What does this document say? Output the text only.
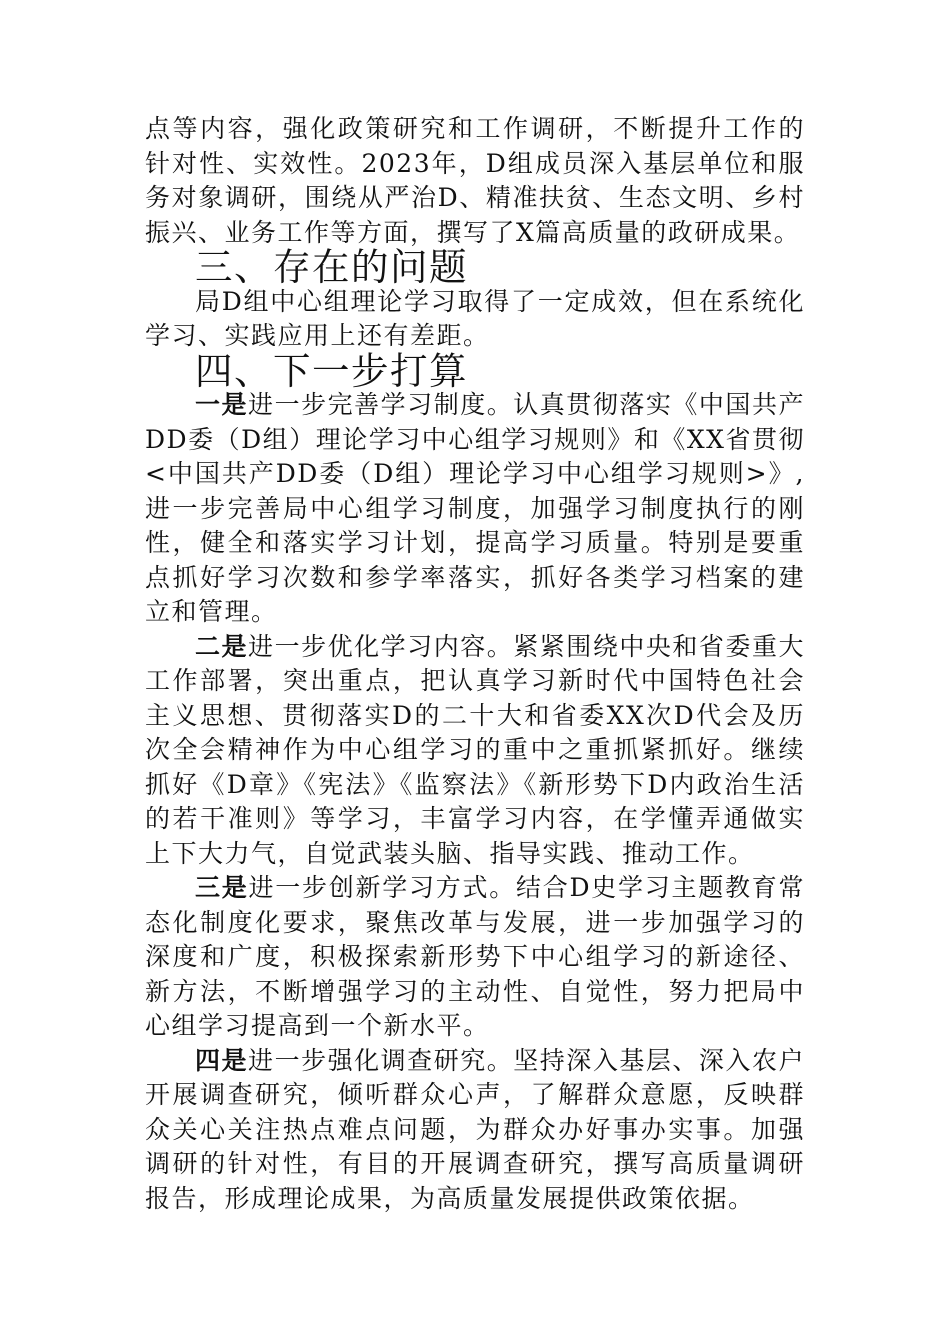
点等内容，强化政策研究和工作调研，不断提升工作的针对性、实效性。2023年，D组成员深入基层单位和服务对象调研，围绕从严治D、精准扶贫、生态文明、乡村振兴、业务工作等方面，撰写了X篇高质量的政研成果。

三、存在的问题

局D组中心组理论学习取得了一定成效，但在系统化学习、实践应用上还有差距。

四、下一步打算

一是进一步完善学习制度。认真贯彻落实《中国共产DD委（D组）理论学习中心组学习规则》和《XX省贯彻<中国共产DD委（D组）理论学习中心组学习规则>》,进一步完善局中心组学习制度，加强学习制度执行的刚性，健全和落实学习计划，提高学习质量。特别是要重点抓好学习次数和参学率落实，抓好各类学习档案的建立和管理。

二是进一步优化学习内容。紧紧围绕中央和省委重大工作部署，突出重点，把认真学习新时代中国特色社会主义思想、贯彻落实D的二十大和省委XX次D代会及历次全会精神作为中心组学习的重中之重抓紧抓好。继续抓好《D章》《宪法》《监察法》《新形势下D内政治生活的若干准则》等学习，丰富学习内容，在学懂弄通做实上下大力气，自觉武装头脑、指导实践、推动工作。

三是进一步创新学习方式。结合D史学习主题教育常态化制度化要求，聚焦改革与发展，进一步加强学习的深度和广度，积极探索新形势下中心组学习的新途径、新方法，不断增强学习的主动性、自觉性，努力把局中心组学习提高到一个新水平。

四是进一步强化调查研究。坚持深入基层、深入农户开展调查研究，倾听群众心声，了解群众意愿，反映群众关心关注热点难点问题，为群众办好事办实事。加强调研的针对性，有目的开展调查研究，撰写高质量调研报告，形成理论成果，为高质量发展提供政策依据。
